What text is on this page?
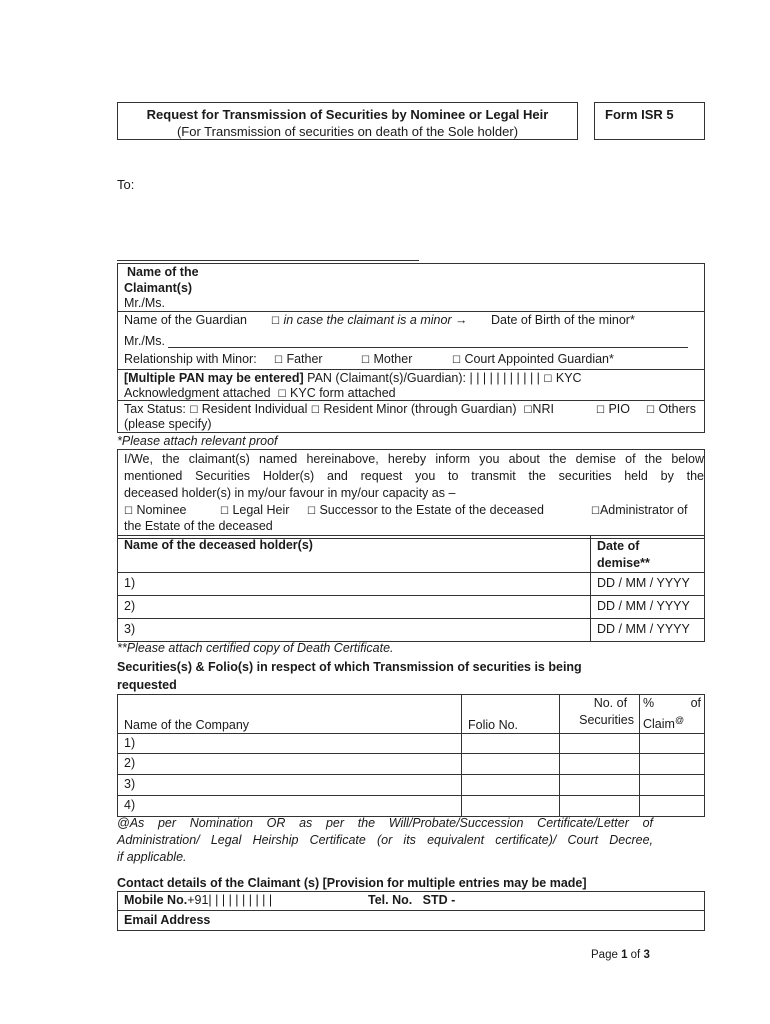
Request for Transmission of Securities by Nominee or Legal Heir
(For Transmission of securities on death of the Sole holder)
Form ISR 5
To:
Name of the
Claimant(s)
Mr./Ms.
Name of the Guardian ☐ in case the claimant is a minor → Date of Birth of the minor*
Mr./Ms.
Relationship with Minor: ☐ Father	☐ Mother	☐ Court Appointed Guardian*
[Multiple PAN may be entered] PAN (Claimant(s)/Guardian): | | | | | | | | | | | ☐ KYC
Acknowledgment attached ☐ KYC form attached
Tax Status: ☐ Resident Individual ☐ Resident Minor (through Guardian) ☐NRI	☐ PIO ☐ Others
(please specify)
*Please attach relevant proof
I/We, the claimant(s) named hereinabove, hereby inform you about the demise of the below
mentioned Securities Holder(s) and request you to transmit the securities held by the
deceased holder(s) in my/our favour in my/our capacity as –
☐ Nominee	☐ Legal Heir ☐ Successor to the Estate of the deceased	☐Administrator of
the Estate of the deceased
Name of the deceased holder(s)	Date of
demise**
1)	DD / MM / YYYY
2)	DD / MM / YYYY
3)	DD / MM / YYYY
**Please attach certified copy of Death Certificate.
Securities(s) & Folio(s) in respect of which Transmission of securities is being
requested
Name of the Company	Folio No.	No. of
Securities	% of
Claim@
1)			
2)			
3)			
4)			
@As per Nomination OR as per the Will/Probate/Succession Certificate/Letter of
Administration/ Legal Heirship Certificate (or its equivalent certificate)/ Court Decree,
if applicable.
Contact details of the Claimant (s) [Provision for multiple entries may be made]
Mobile No.+91| | | | | | | | | |	Tel. No. STD -
Email Address
Page 1 of 3
